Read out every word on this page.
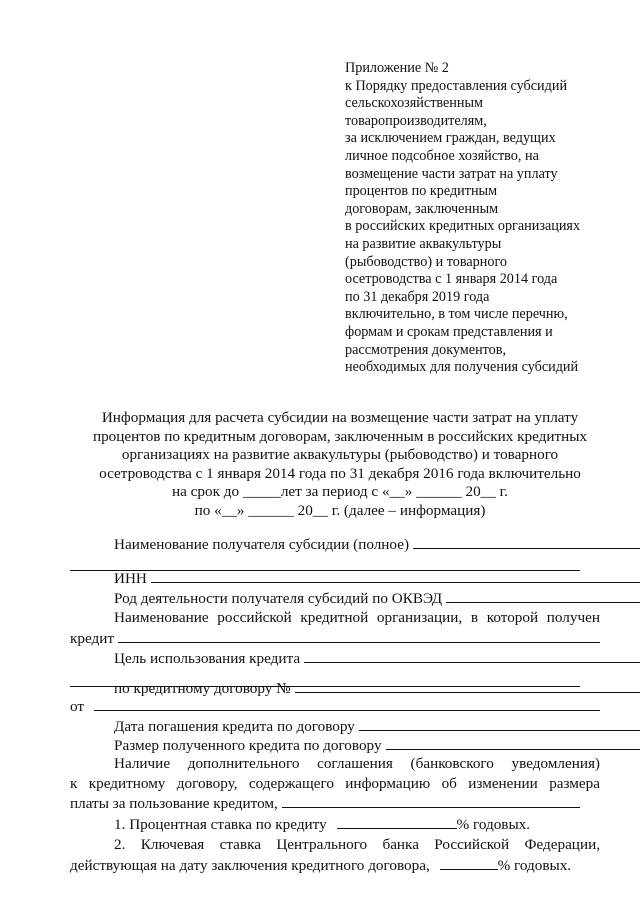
Приложение № 2
к Порядку предоставления субсидий
сельскохозяйственным
товаропроизводителям,
за исключением граждан, ведущих
личное подсобное хозяйство, на
возмещение части затрат на уплату
процентов по кредитным
договорам, заключенным
в российских кредитных организациях
на развитие аквакультуры
(рыбоводство) и товарного
осетроводства с 1 января 2014 года
по 31 декабря 2019 года
включительно, в том числе перечню,
формам и срокам представления и
рассмотрения документов,
необходимых для получения субсидий
Информация для расчета субсидии на возмещение части затрат на уплату
процентов по кредитным договорам, заключенным в российских кредитных
организациях на развитие аквакультуры (рыбоводство) и товарного
осетроводства с 1 января 2014 года по 31 декабря 2016 года включительно
на срок до _____лет за период с «__» ______ 20__ г.
по «__» ______ 20__ г. (далее – информация)
Наименование получателя субсидии (полное)
ИНН
Род деятельности получателя субсидий по ОКВЭД
Наименование российской кредитной организации, в которой получен
кредит
Цель использования кредита
по кредитному договору №
от
Дата погашения кредита по договору
Размер полученного кредита по договору
Наличие дополнительного соглашения (банковского уведомления)
к кредитному договору, содержащего информацию об изменении размера
платы за пользование кредитом,
1. Процентная ставка по кредиту	% годовых.
2. Ключевая ставка Центрального банка Российской Федерации,
действующая на дату заключения кредитного договора,	% годовых.
